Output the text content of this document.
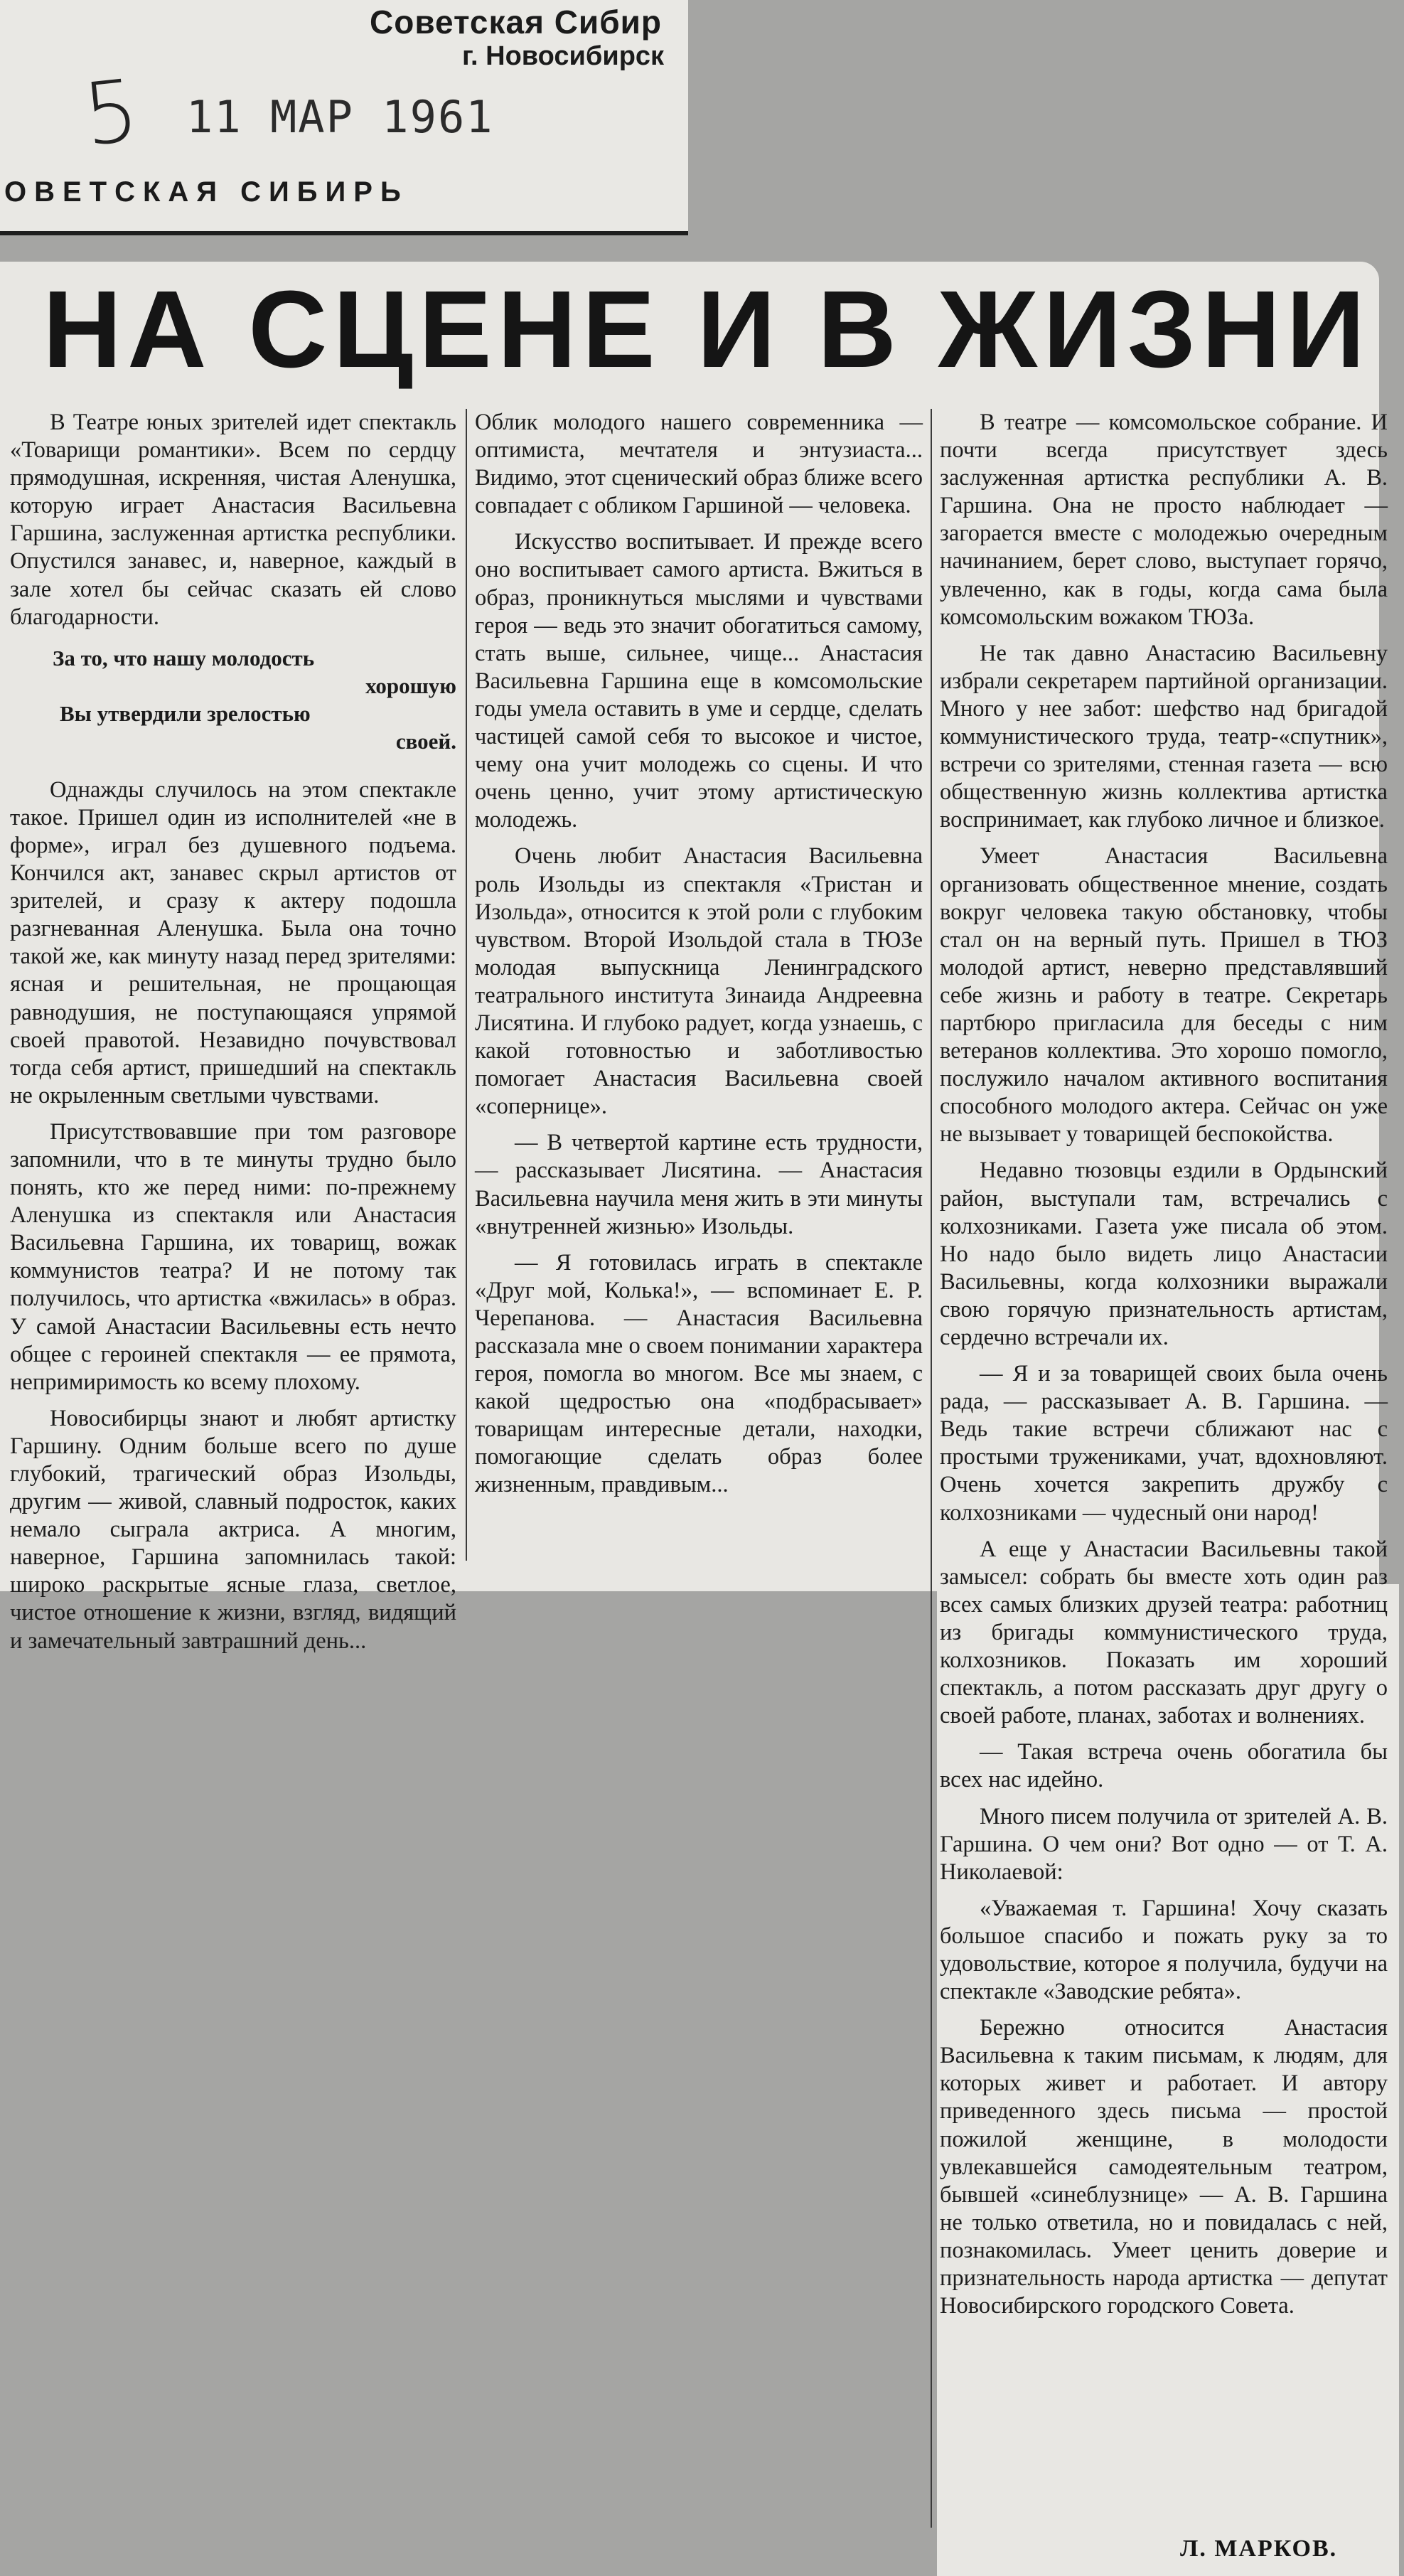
Советская Сибир
г. Новосибирск
5 11 МАР 1961
ОВЕТСКАЯ СИБИРЬ
НА СЦЕНЕ И В ЖИЗНИ

В Театре юных зрителей идет спектакль «Товарищи романтики». Всем по сердцу прямодушная, искренняя, чистая Аленушка, которую играет Анастасия Васильевна Гаршина, заслуженная артистка республики. Опустился занавес, и, наверное, каждый в зале хотел бы сейчас сказать ей слово благодарности.

За то, что нашу молодость
хорошую
Вы утвердили зрелостью
своей.

Однажды случилось на этом спектакле такое. Пришел один из исполнителей «не в форме», играл без душевного подъема. Кончился акт, занавес скрыл артистов от зрителей, и сразу к актеру подошла разгневанная Аленушка. Была она точно такой же, как минуту назад перед зрителями: ясная и решительная, не прощающая равнодушия, не поступающаяся упрямой своей правотой. Незавидно почувствовал тогда себя артист, пришедший на спектакль не окрыленным светлыми чувствами.

Присутствовавшие при том разговоре запомнили, что в те минуты трудно было понять, кто же перед ними: по-прежнему Аленушка из спектакля или Анастасия Васильевна Гаршина, их товарищ, вожак коммунистов театра? И не потому так получилось, что артистка «вжилась» в образ. У самой Анастасии Васильевны есть нечто общее с героиней спектакля — ее прямота, непримиримость ко всему плохому.

Новосибирцы знают и любят артистку Гаршину. Одним больше всего по душе глубокий, трагический образ Изольды, другим — живой, славный подросток, каких немало сыграла актриса. А многим, наверное, Гаршина запомнилась такой: широко раскрытые ясные глаза, светлое, чистое отношение к жизни, взгляд, видящий и замечательный завтрашний день...

Облик молодого нашего современника — оптимиста, мечтателя и энтузиаста... Видимо, этот сценический образ ближе всего совпадает с обликом Гаршиной — человека.

Искусство воспитывает. И прежде всего оно воспитывает самого артиста. Вжиться в образ, проникнуться мыслями и чувствами героя — ведь это значит обогатиться самому, стать выше, сильнее, чище... Анастасия Васильевна Гаршина еще в комсомольские годы умела оставить в уме и сердце, сделать частицей самой себя то высокое и чистое, чему она учит молодежь со сцены. И что очень ценно, учит этому артистическую молодежь.

Очень любит Анастасия Васильевна роль Изольды из спектакля «Тристан и Изольда», относится к этой роли с глубоким чувством. Второй Изольдой стала в ТЮЗе молодая выпускница Ленинградского театрального института Зинаида Андреевна Лисятина. И глубоко радует, когда узнаешь, с какой готовностью и заботливостью помогает Анастасия Васильевна своей «сопернице».

— В четвертой картине есть трудности, — рассказывает Лисятина. — Анастасия Васильевна научила меня жить в эти минуты «внутренней жизнью» Изольды.

— Я готовилась играть в спектакле «Друг мой, Колька!», — вспоминает Е. Р. Черепанова. — Анастасия Васильевна рассказала мне о своем понимании характера героя, помогла во многом. Все мы знаем, с какой щедростью она «подбрасывает» товарищам интересные детали, находки, помогающие сделать образ более жизненным, правдивым...

В театре — комсомольское собрание. И почти всегда присутствует здесь заслуженная артистка республики А. В. Гаршина. Она не просто наблюдает — загорается вместе с молодежью очередным начинанием, берет слово, выступает горячо, увлеченно, как в годы, когда сама была комсомольским вожаком ТЮЗа.

Не так давно Анастасию Васильевну избрали секретарем партийной организации. Много у нее забот: шефство над бригадой коммунистического труда, театр-«спутник», встречи со зрителями, стенная газета — всю общественную жизнь коллектива артистка воспринимает, как глубоко личное и близкое.

Умеет Анастасия Васильевна организовать общественное мнение, создать вокруг человека такую обстановку, чтобы стал он на верный путь. Пришел в ТЮЗ молодой артист, неверно представлявший себе жизнь и работу в театре. Секретарь партбюро пригласила для беседы с ним ветеранов коллектива. Это хорошо помогло, послужило началом активного воспитания способного молодого актера. Сейчас он уже не вызывает у товарищей беспокойства.

Недавно тюзовцы ездили в Ордынский район, выступали там, встречались с колхозниками. Газета уже писала об этом. Но надо было видеть лицо Анастасии Васильевны, когда колхозники выражали свою горячую признательность артистам, сердечно встречали их.

— Я и за товарищей своих была очень рада, — рассказывает А. В. Гаршина. — Ведь такие встречи сближают нас с простыми тружениками, учат, вдохновляют. Очень хочется закрепить дружбу с колхозниками — чудесный они народ!

А еще у Анастасии Васильевны такой замысел: собрать бы вместе хоть один раз всех самых близких друзей театра: работниц из бригады коммунистического труда, колхозников. Показать им хороший спектакль, а потом рассказать друг другу о своей работе, планах, заботах и волнениях.

— Такая встреча очень обогатила бы всех нас идейно.

Много писем получила от зрителей А. В. Гаршина. О чем они? Вот одно — от Т. А. Николаевой:

«Уважаемая т. Гаршина! Хочу сказать большое спасибо и пожать руку за то удовольствие, которое я получила, будучи на спектакле «Заводские ребята».

Бережно относится Анастасия Васильевна к таким письмам, к людям, для которых живет и работает. И автору приведенного здесь письма — простой пожилой женщине, в молодости увлекавшейся самодеятельным театром, бывшей «синеблузнице» — А. В. Гаршина не только ответила, но и повидалась с ней, познакомилась. Умеет ценить доверие и признательность народа артистка — депутат Новосибирского городского Совета.

Л. МАРКОВ.
